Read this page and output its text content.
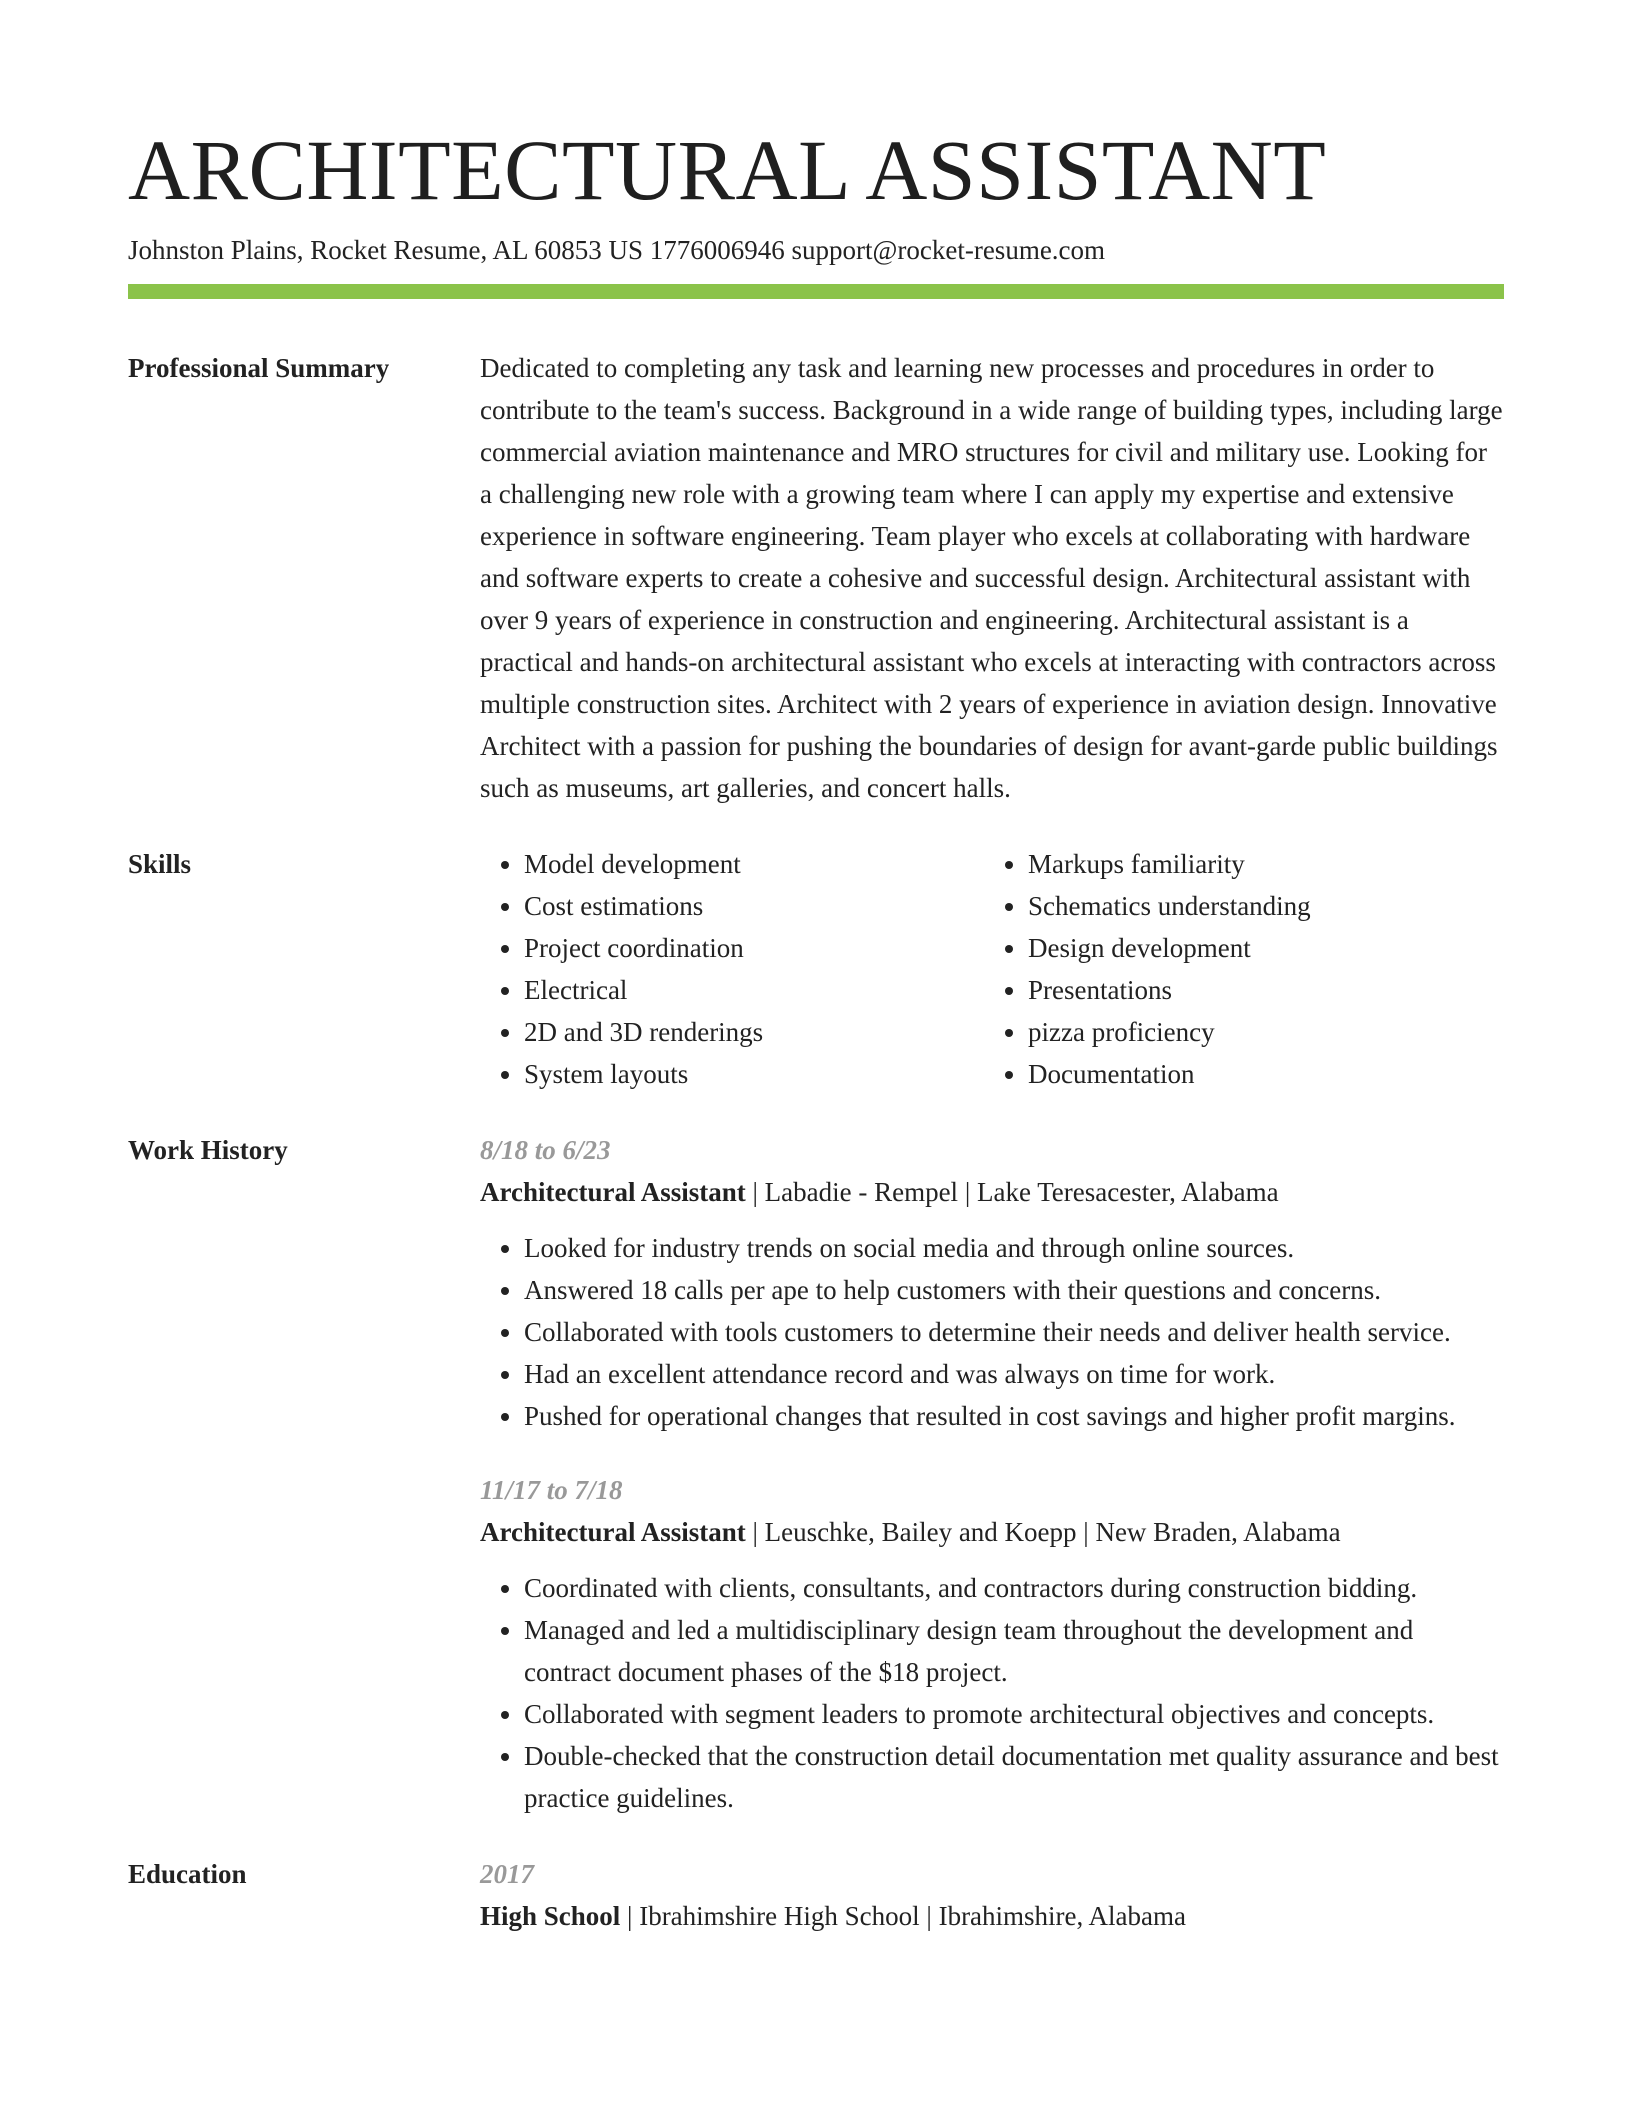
ARCHITECTURAL ASSISTANT
Johnston Plains, Rocket Resume, AL 60853 US 1776006946 support@rocket-resume.com
Professional Summary	Dedicated to completing any task and learning new processes and procedures in order to contribute to the team's success. Background in a wide range of building types, including large commercial aviation maintenance and MRO structures for civil and military use. Looking for a challenging new role with a growing team where I can apply my expertise and extensive experience in software engineering. Team player who excels at collaborating with hardware and software experts to create a cohesive and successful design. Architectural assistant with over 9 years of experience in construction and engineering. Architectural assistant is a practical and hands-on architectural assistant who excels at interacting with contractors across multiple construction sites. Architect with 2 years of experience in aviation design. Innovative Architect with a passion for pushing the boundaries of design for avant-garde public buildings such as museums, art galleries, and concert halls.

Skills
•	Model development
• Cost estimations
• Project coordination
• Electrical
• 2D and 3D renderings
• System layouts
• Markups familiarity
• Schematics understanding
• Design development
• Presentations
• pizza proficiency
• Documentation
Work History	8/18 to 6/23
Architectural Assistant | Labadie - Rempel | Lake Teresacester, Alabama
• Looked for industry trends on social media and through online sources.
• Answered 18 calls per ape to help customers with their questions and concerns.
• Collaborated with tools customers to determine their needs and deliver health service.
• Had an excellent attendance record and was always on time for work.
• Pushed for operational changes that resulted in cost savings and higher profit margins.
11/17 to 7/18
Architectural Assistant | Leuschke, Bailey and Koepp | New Braden, Alabama
• Coordinated with clients, consultants, and contractors during construction bidding.
• Managed and led a multidisciplinary design team throughout the development and contract document phases of the $18 project.
• Collaborated with segment leaders to promote architectural objectives and concepts.
• Double-checked that the construction detail documentation met quality assurance and best practice guidelines.
Education	2017
High School | Ibrahimshire High School | Ibrahimshire, Alabama
